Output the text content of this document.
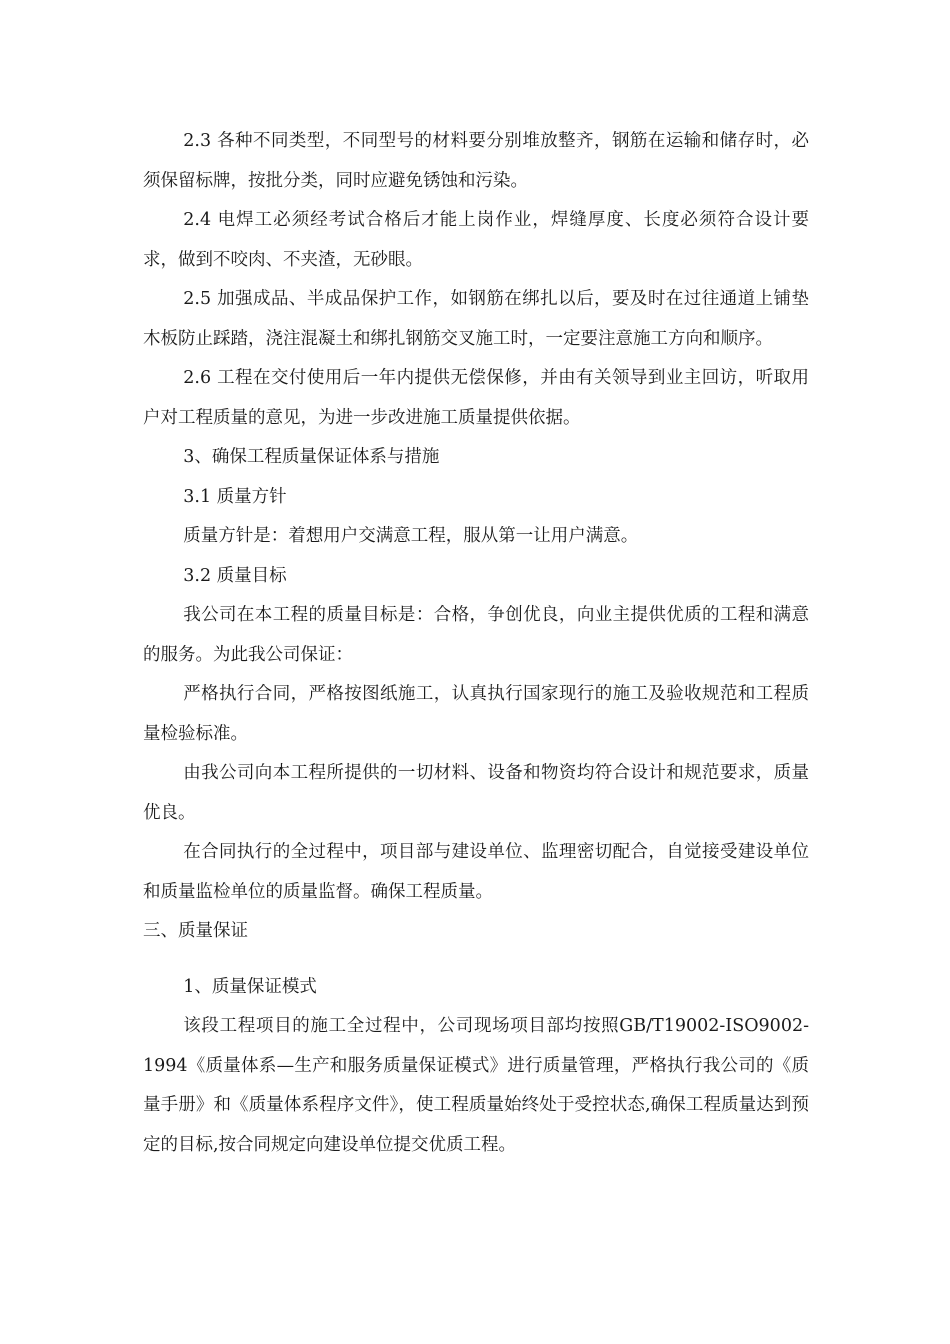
2.3 各种不同类型，不同型号的材料要分别堆放整齐，钢筋在运输和储存时，必须保留标牌，按批分类，同时应避免锈蚀和污染。

2.4 电焊工必须经考试合格后才能上岗作业，焊缝厚度、长度必须符合设计要求，做到不咬肉、不夹渣，无砂眼。

2.5 加强成品、半成品保护工作，如钢筋在绑扎以后，要及时在过往通道上铺垫木板防止踩踏，浇注混凝土和绑扎钢筋交叉施工时，一定要注意施工方向和顺序。

2.6 工程在交付使用后一年内提供无偿保修，并由有关领导到业主回访，听取用户对工程质量的意见，为进一步改进施工质量提供依据。

3、确保工程质量保证体系与措施

3.1 质量方针

质量方针是：着想用户交满意工程，服从第一让用户满意。

3.2 质量目标

我公司在本工程的质量目标是：合格，争创优良，向业主提供优质的工程和满意的服务。为此我公司保证：

严格执行合同，严格按图纸施工，认真执行国家现行的施工及验收规范和工程质量检验标准。

由我公司向本工程所提供的一切材料、设备和物资均符合设计和规范要求，质量优良。

在合同执行的全过程中，项目部与建设单位、监理密切配合，自觉接受建设单位和质量监检单位的质量监督。确保工程质量。

三、质量保证

1、质量保证模式

该段工程项目的施工全过程中，公司现场项目部均按照GB/T19002-ISO9002-1994《质量体系—生产和服务质量保证模式》进行质量管理，严格执行我公司的《质量手册》和《质量体系程序文件》，使工程质量始终处于受控状态,确保工程质量达到预定的目标,按合同规定向建设单位提交优质工程。
